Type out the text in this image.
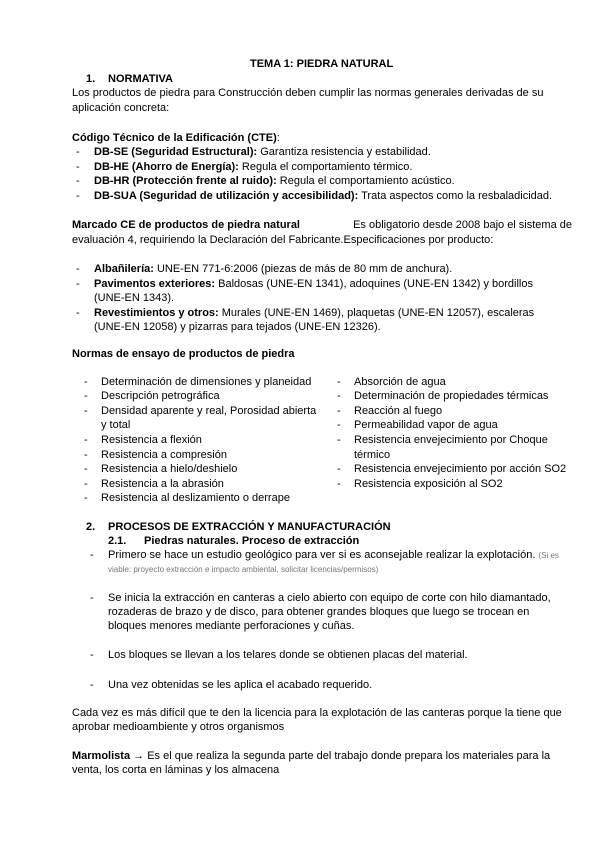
TEMA 1: PIEDRA NATURAL
1. NORMATIVA
Los productos de piedra para Construcción deben cumplir las normas generales derivadas de su
aplicación concreta:
Código Técnico de la Edificación (CTE):
- DB-SE (Seguridad Estructural): Garantiza resistencia y estabilidad.
- DB-HE (Ahorro de Energía): Regula el comportamiento térmico.
- DB-HR (Protección frente al ruido): Regula el comportamiento acústico.
- DB-SUA (Seguridad de utilización y accesibilidad): Trata aspectos como la resbaladicidad.
Marcado CE de productos de piedra natural	Es obligatorio desde 2008 bajo el sistema de
evaluación 4, requiriendo la Declaración del Fabricante.Especificaciones por producto:
- Albañilería: UNE-EN 771-6:2006 (piezas de más de 80 mm de anchura).
- Pavimentos exteriores: Baldosas (UNE-EN 1341), adoquines (UNE-EN 1342) y bordillos
(UNE-EN 1343).
- Revestimientos y otros: Murales (UNE-EN 1469), plaquetas (UNE-EN 12057), escaleras
(UNE-EN 12058) y pizarras para tejados (UNE-EN 12326).
Normas de ensayo de productos de piedra
- Determinación de dimensiones y planeidad
- Descripción petrográfica
- Densidad aparente y real, Porosidad abierta
y total
- Resistencia a flexión
- Resistencia a compresión
- Resistencia a hielo/deshielo
- Resistencia a la abrasión
- Resistencia al deslizamiento o derrape
- Absorción de agua
- Determinación de propiedades térmicas
- Reacción al fuego
- Permeabilidad vapor de agua
- Resistencia envejecimiento por Choque
térmico
- Resistencia envejecimiento por acción SO2
- Resistencia exposición al SO2
2. PROCESOS DE EXTRACCIÓN Y MANUFACTURACIÓN
2.1. Piedras naturales. Proceso de extracción
- Primero se hace un estudio geológico para ver si es aconsejable realizar la explotación. (Si es
viable: proyecto extracción e impacto ambiental, solicitar licencias/permisos)
- Se inicia la extracción en canteras a cielo abierto con equipo de corte con hilo diamantado,
rozaderas de brazo y de disco, para obtener grandes bloques que luego se trocean en
bloques menores mediante perforaciones y cuñas.
- Los bloques se llevan a los telares donde se obtienen placas del material.
- Una vez obtenidas se les aplica el acabado requerido.
Cada vez es más difícil que te den la licencia para la explotación de las canteras porque la tiene que
aprobar medioambiente y otros organismos
Marmolista → Es el que realiza la segunda parte del trabajo donde prepara los materiales para la
venta, los corta en láminas y los almacena
